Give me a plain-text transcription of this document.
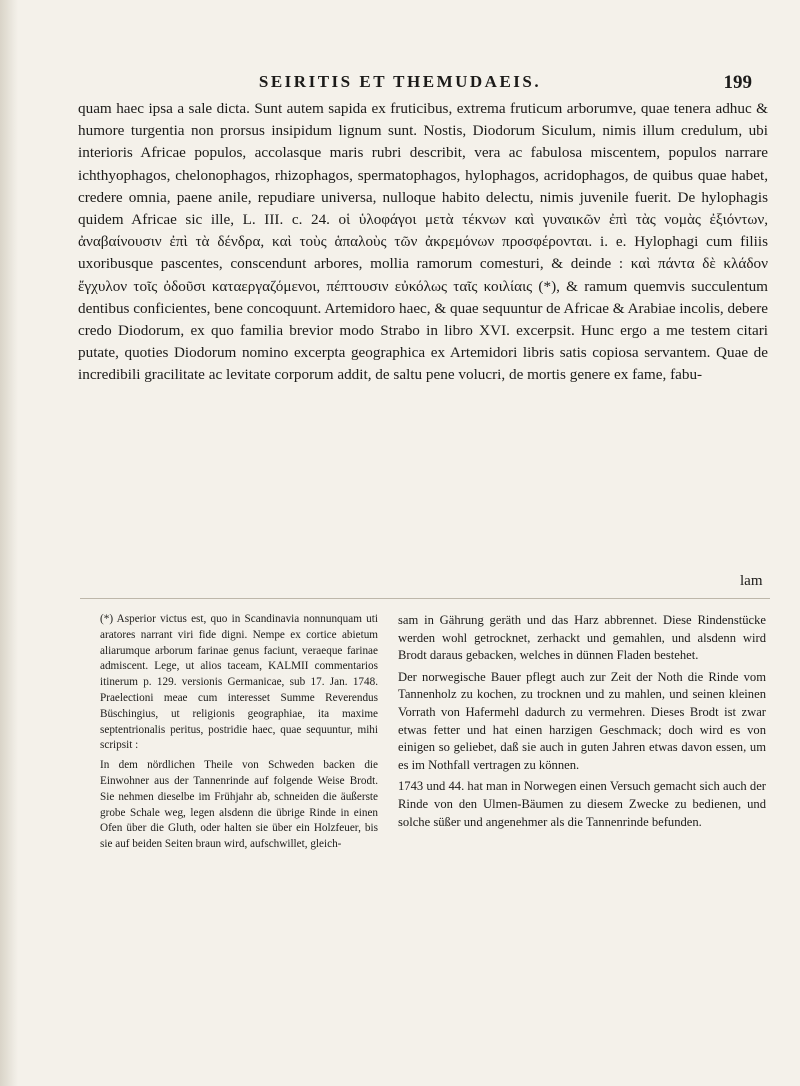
SEIRITIS ET THEMUDAEIS.	199

quam haec ipsa a sale dicta. Sunt autem sapida ex fruticibus, extrema fruticum arborumve, quae tenera adhuc & humore turgentia non prorsus insipidum lignum sunt. Nostis, Diodorum Siculum, nimis illum credulum, ubi interioris Africae populos, accolasque maris rubri describit, vera ac fabulosa miscentem, populos narrare ichthyophagos, chelonophagos, rhizophagos, spermatophagos, hylophagos, acridophagos, de quibus quae habet, credere omnia, paene anile, repudiare universa, nulloque habito delectu, nimis juvenile fuerit. De hylophagis quidem Africae sic ille, L. III. c. 24. οἱ ὑλοφάγοι μετὰ τέκνων καὶ γυναικῶν ἐπὶ τὰς νομὰς ἐξιόντων, ἀναβαίνουσιν ἐπὶ τὰ δένδρα, καὶ τοὺς ἁπαλοὺς τῶν ἀκρεμόνων προσφέρονται. i. e. Hylophagi cum filiis uxoribusque pascentes, conscendunt arbores, mollia ramorum comesturi, & deinde : καὶ πάντα δὲ κλάδον ἔγχυλον τοῖς ὀδοῦσι καταεργαζόμενοι, πέπτουσιν εὐκόλως ταῖς κοιλίαις (*), & ramum quemvis succulentum dentibus conficientes, bene concoquunt. Artemidoro haec, & quae sequuntur de Africae & Arabiae incolis, debere credo Diodorum, ex quo familia brevior modo Strabo in libro XVI. excerpsit. Hunc ergo a me testem citari putate, quoties Diodorum nomino excerpta geographica ex Artemidori libris satis copiosa servantem. Quae de incredibili gracilitate ac levitate corporum addit, de saltu pene volucri, de mortis genere ex fame, fabu-

lam

(*) Asperior victus est, quo in Scandinavia nonnunquam uti aratores narrant viri fide digni. Nempe ex cortice abietum aliarumque arborum farinae genus faciunt, veraeque farinae admiscent. Lege, ut alios taceam, KALMII commentarios itinerum p. 129. versionis Germanicae, sub 17. Jan. 1748. Praelectioni meae cum interesset Summe Reverendus Büschingius, ut religionis geographiae, ita maxime septentrionalis peritus, postridie haec, quae sequuntur, mihi scripsit :

In dem nördlichen Theile von Schweden backen die Einwohner aus der Tannenrinde auf folgende Weise Brodt. Sie nehmen dieselbe im Frühjahr ab, schneiden die äußerste grobe Schale weg, legen alsdenn die übrige Rinde in einen Ofen über die Gluth, oder halten sie über ein Holzfeuer, bis sie auf beiden Seiten braun wird, aufschwillet, gleich-

sam in Gährung geräth und das Harz abbrennet. Diese Rindenstücke werden wohl getrocknet, zerhackt und gemahlen, und alsdenn wird Brodt daraus gebacken, welches in dünnen Fladen bestehet.

Der norwegische Bauer pflegt auch zur Zeit der Noth die Rinde vom Tannenholz zu kochen, zu trocknen und zu mahlen, und seinen kleinen Vorrath von Hafermehl dadurch zu vermehren. Dieses Brodt ist zwar etwas fetter und hat einen harzigen Geschmack; doch wird es von einigen so geliebet, daß sie auch in guten Jahren etwas davon essen, um es im Nothfall vertragen zu können.

1743 und 44. hat man in Norwegen einen Versuch gemacht sich auch der Rinde von den Ulmen-Bäumen zu diesem Zwecke zu bedienen, und solche süßer und angenehmer als die Tannenrinde befunden.
